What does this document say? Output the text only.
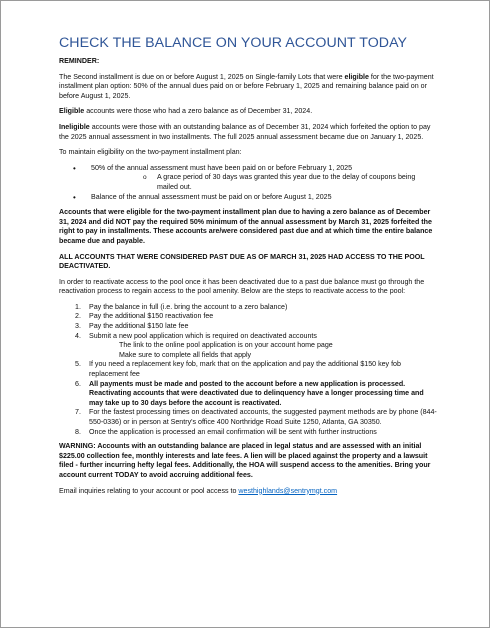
CHECK THE BALANCE ON YOUR ACCOUNT TODAY

REMINDER:

The Second installment is due on or before August 1, 2025 on Single-family Lots that were eligible for the two-payment installment plan option: 50% of the annual dues paid on or before February 1, 2025 and remaining balance paid on or before August 1, 2025.

Eligible accounts were those who had a zero balance as of December 31, 2024.

Ineligible accounts were those with an outstanding balance as of December 31, 2024 which forfeited the option to pay the 2025 annual assessment in two installments. The full 2025 annual assessment became due on January 1, 2025.

To maintain eligibility on the two-payment installment plan:

• 50% of the annual assessment must have been paid on or before February 1, 2025
o A grace period of 30 days was granted this year due to the delay of coupons being mailed out.
• Balance of the annual assessment must be paid on or before August 1, 2025

Accounts that were eligible for the two-payment installment plan due to having a zero balance as of December 31, 2024 and did NOT pay the required 50% minimum of the annual assessment by March 31, 2025 forfeited the right to pay in installments. These accounts are/were considered past due and at which time the entire balance became due and payable.

ALL ACCOUNTS THAT WERE CONSIDERED PAST DUE AS OF MARCH 31, 2025 HAD ACCESS TO THE POOL DEACTIVATED.

In order to reactivate access to the pool once it has been deactivated due to a past due balance must go through the reactivation process to regain access to the pool amenity. Below are the steps to reactivate access to the pool:

1. Pay the balance in full (i.e. bring the account to a zero balance)
2. Pay the additional $150 reactivation fee
3. Pay the additional $150 late fee
4. Submit a new pool application which is required on deactivated accounts
The link to the online pool application is on your account home page
Make sure to complete all fields that apply
5. If you need a replacement key fob, mark that on the application and pay the additional $150 key fob replacement fee
6. All payments must be made and posted to the account before a new application is processed. Reactivating accounts that were deactivated due to delinquency have a longer processing time and may take up to 30 days before the account is reactivated.
7. For the fastest processing times on deactivated accounts, the suggested payment methods are by phone (844-550-0336) or in person at Sentry's office 400 Northridge Road Suite 1250, Atlanta, GA 30350.
8. Once the application is processed an email confirmation will be sent with further instructions

WARNING: Accounts with an outstanding balance are placed in legal status and are assessed with an initial $225.00 collection fee, monthly interests and late fees. A lien will be placed against the property and a lawsuit filed - further incurring hefty legal fees. Additionally, the HOA will suspend access to the amenities. Bring your account current TODAY to avoid accruing additional fees.

Email inquiries relating to your account or pool access to westhighlands@sentrymgt.com
